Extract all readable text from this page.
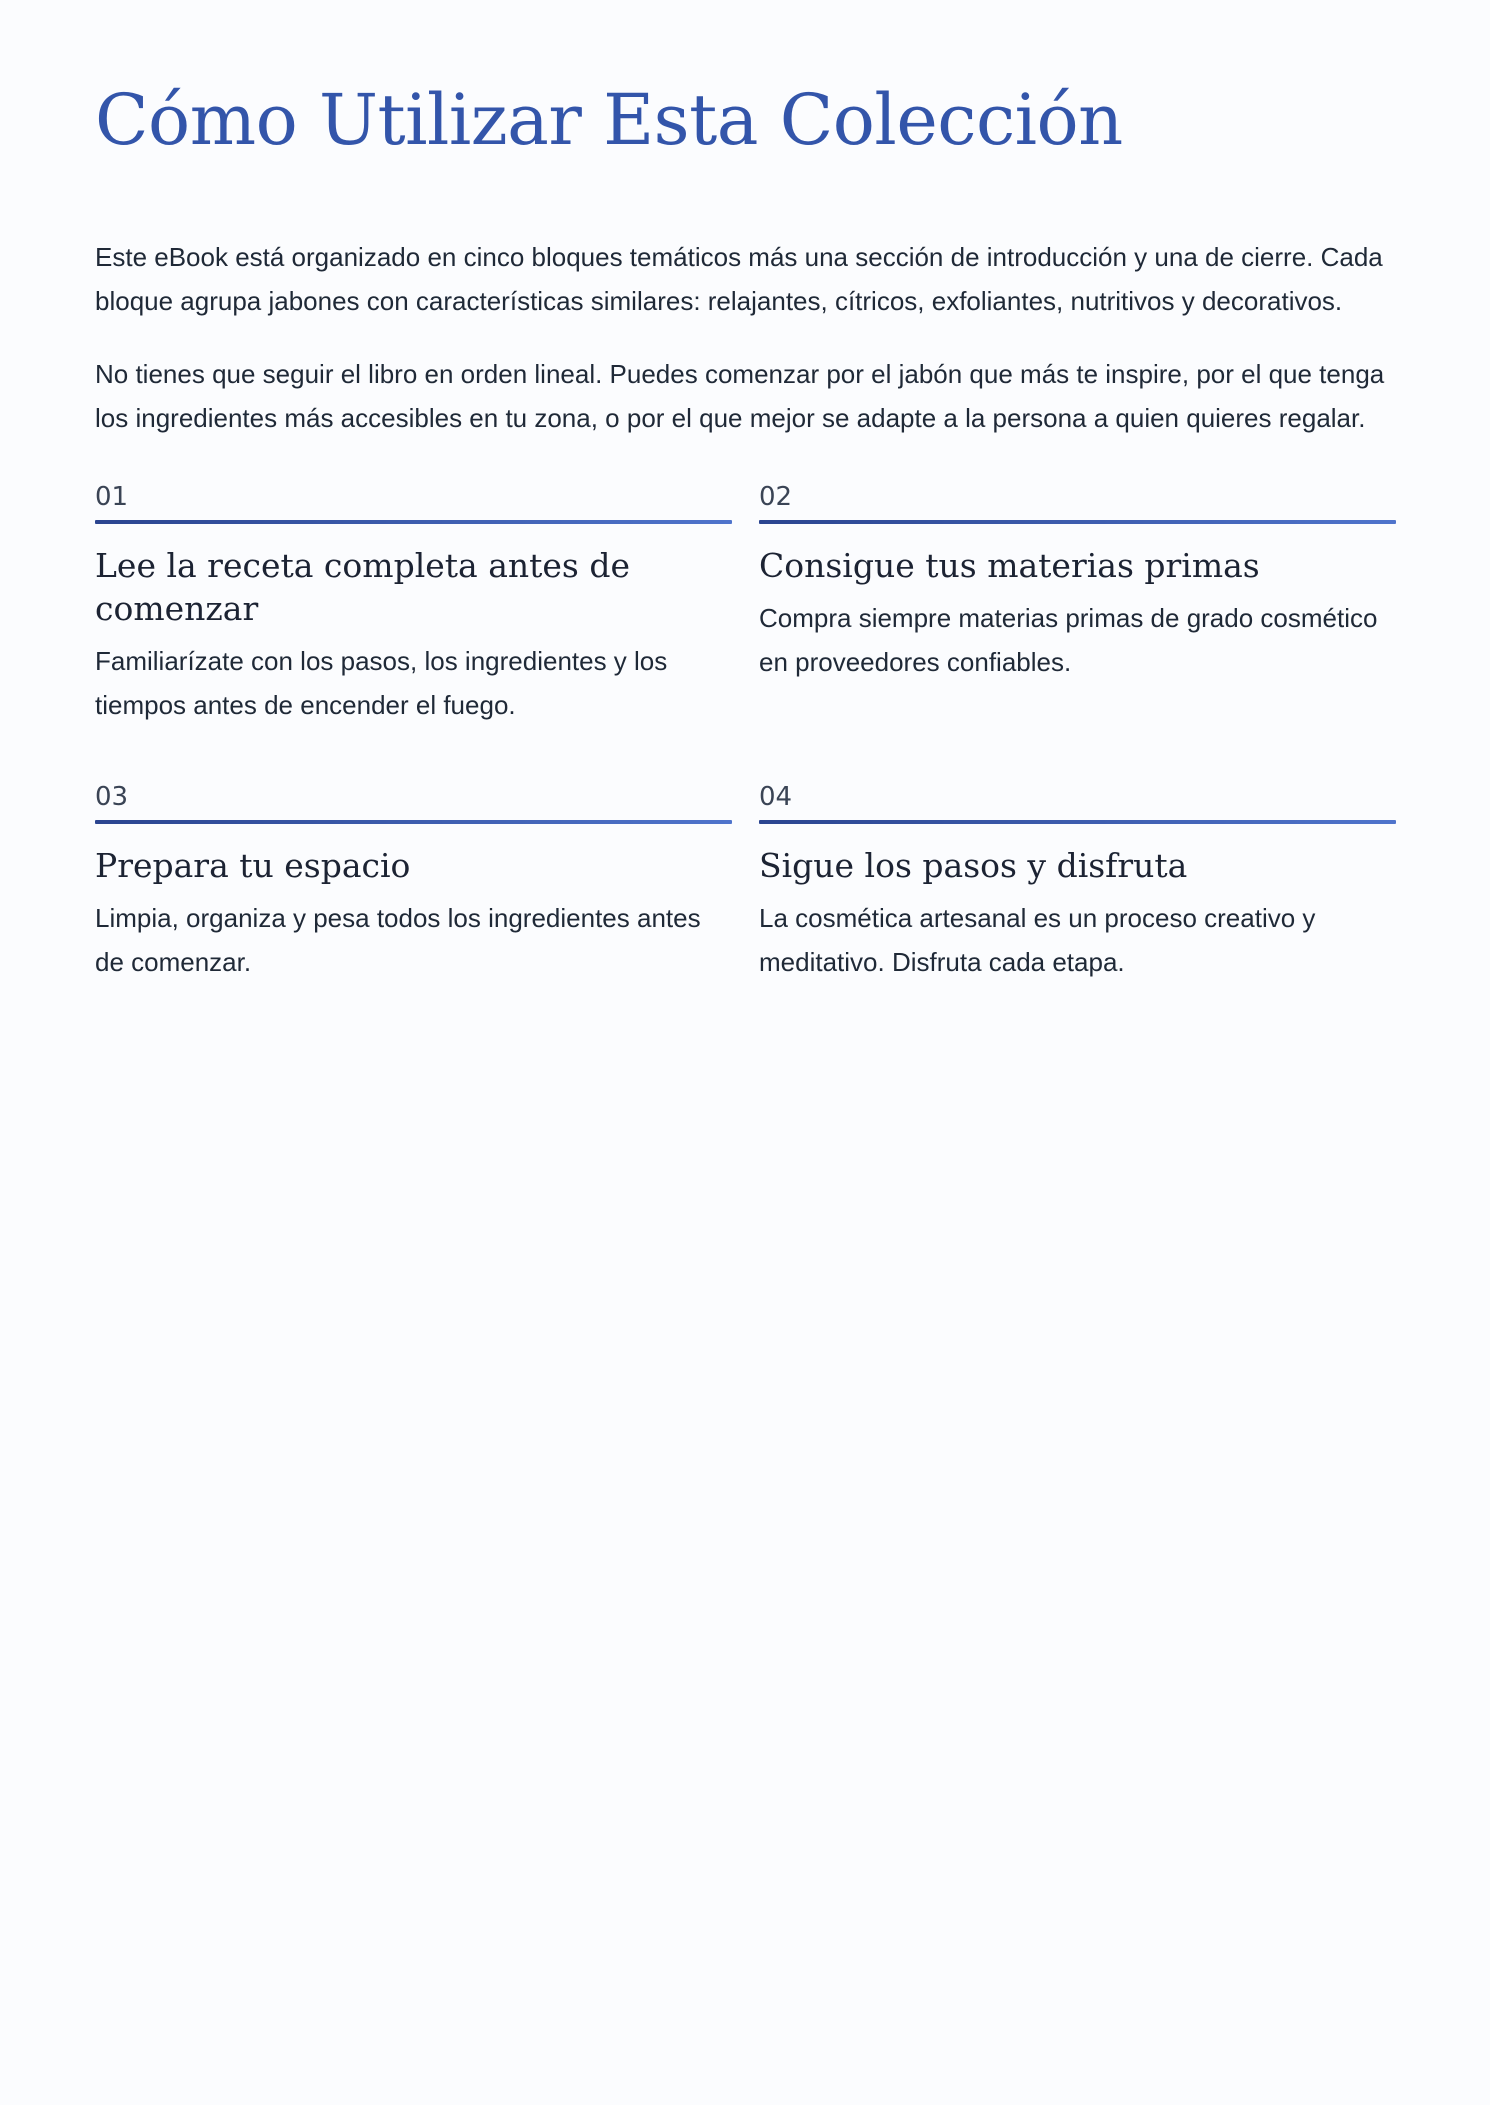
Cómo Utilizar Esta Colección

Este eBook está organizado en cinco bloques temáticos más una sección de introducción y una de cierre. Cada bloque agrupa jabones con características similares: relajantes, cítricos, exfoliantes, nutritivos y decorativos.

No tienes que seguir el libro en orden lineal. Puedes comenzar por el jabón que más te inspire, por el que tenga los ingredientes más accesibles en tu zona, o por el que mejor se adapte a la persona a quien quieres regalar.

01
Lee la receta completa antes de comenzar

Familiarízate con los pasos, los ingredientes y los tiempos antes de encender el fuego.

02
Consigue tus materias primas

Compra siempre materias primas de grado cosmético en proveedores confiables.

03
Prepara tu espacio

Limpia, organiza y pesa todos los ingredientes antes de comenzar.

04
Sigue los pasos y disfruta

La cosmética artesanal es un proceso creativo y meditativo. Disfruta cada etapa.
